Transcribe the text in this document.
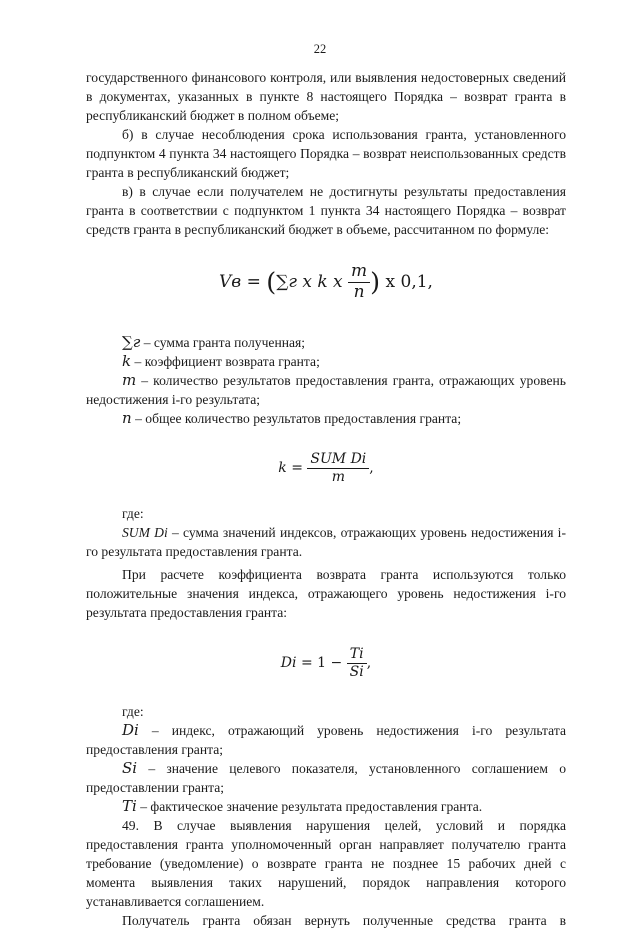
22

государственного финансового контроля, или выявления недостоверных сведений в документах, указанных в пункте 8 настоящего Порядка – возврат гранта в республиканский бюджет в полном объеме;

б) в случае несоблюдения срока использования гранта, установленного подпунктом 4 пункта 34 настоящего Порядка – возврат неиспользованных средств гранта в республиканский бюджет;

в) в случае если получателем не достигнуты результаты предоставления гранта в соответствии с подпунктом 1 пункта 34 настоящего Порядка – возврат средств гранта в республиканский бюджет в объеме, рассчитанном по формуле:

Vв = (∑г x k x $\frac{m}{n}$ ) x 0,1,

∑г – сумма гранта полученная;

k – коэффициент возврата гранта;

m – количество результатов предоставления гранта, отражающих уровень недостижения i-го результата;

n – общее количество результатов предоставления гранта;

$k = \frac{\text{SUM Di}}{m}$ ,

где:

SUM Di – сумма значений индексов, отражающих уровень недостижения i-го результата предоставления гранта.

При расчете коэффициента возврата гранта используются только положительные значения индекса, отражающего уровень недостижения i-го результата предоставления гранта:

$Di = 1 - \frac{Ti}{Si}$ ,

где:

Di – индекс, отражающий уровень недостижения i-го результата предоставления гранта;

Si – значение целевого показателя, установленного соглашением о предоставлении гранта;

Ti – фактическое значение результата предоставления гранта.

49. В случае выявления нарушения целей, условий и порядка предоставления гранта уполномоченный орган направляет получателю гранта требование (уведомление) о возврате гранта не позднее 15 рабочих дней с момента выявления таких нарушений, порядок направления которого устанавливается соглашением.

Получатель гранта обязан вернуть полученные средства гранта в
